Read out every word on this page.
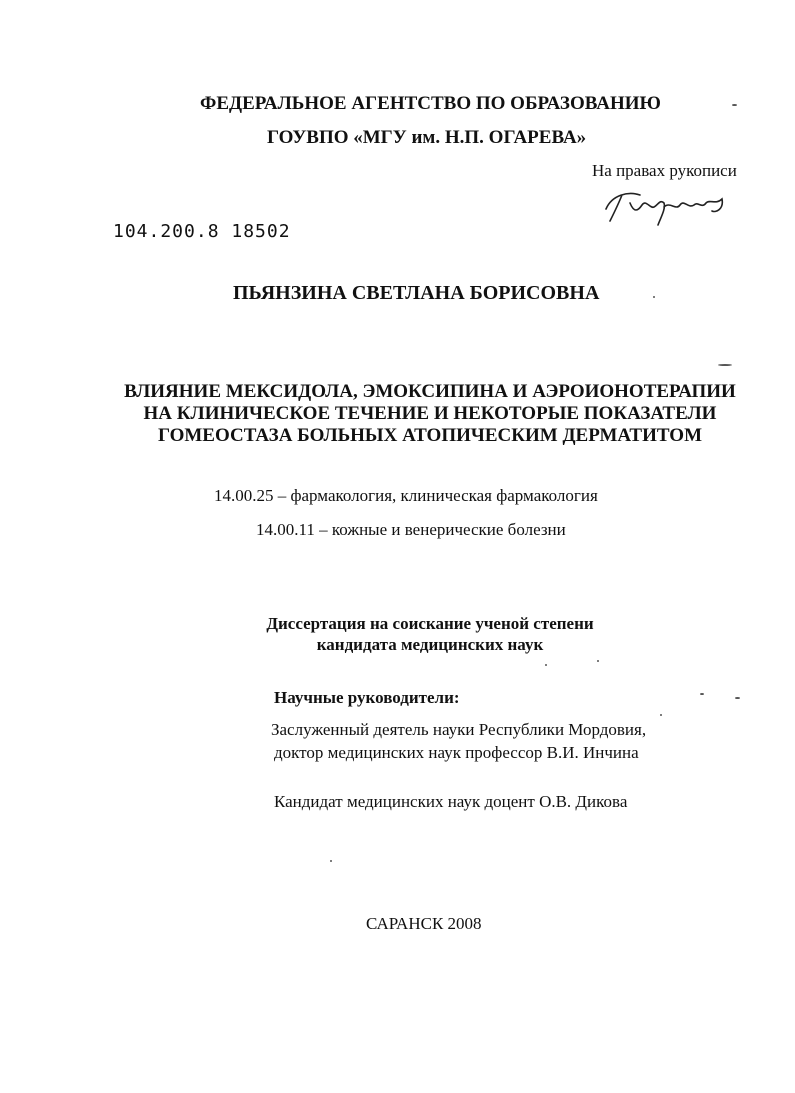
ФЕДЕРАЛЬНОЕ АГЕНТСТВО ПО ОБРАЗОВАНИЮ
ГОУВПО «МГУ им. Н.П. ОГАРЕВА»
На правах рукописи
104.200.8 18502
ПЬЯНЗИНА СВЕТЛАНА БОРИСОВНА
ВЛИЯНИЕ МЕКСИДОЛА, ЭМОКСИПИНА И АЭРОИОНОТЕРАПИИ
НА КЛИНИЧЕСКОЕ ТЕЧЕНИЕ И НЕКОТОРЫЕ ПОКАЗАТЕЛИ
ГОМЕОСТАЗА БОЛЬНЫХ АТОПИЧЕСКИМ ДЕРМАТИТОМ
14.00.25 – фармакология, клиническая фармакология
14.00.11 – кожные и венерические болезни
Диссертация на соискание ученой степени
кандидата медицинских наук
Научные руководители:
Заслуженный деятель науки Республики Мордовия,
доктор медицинских наук профессор В.И. Инчина
Кандидат медицинских наук доцент О.В. Дикова
САРАНСК 2008
